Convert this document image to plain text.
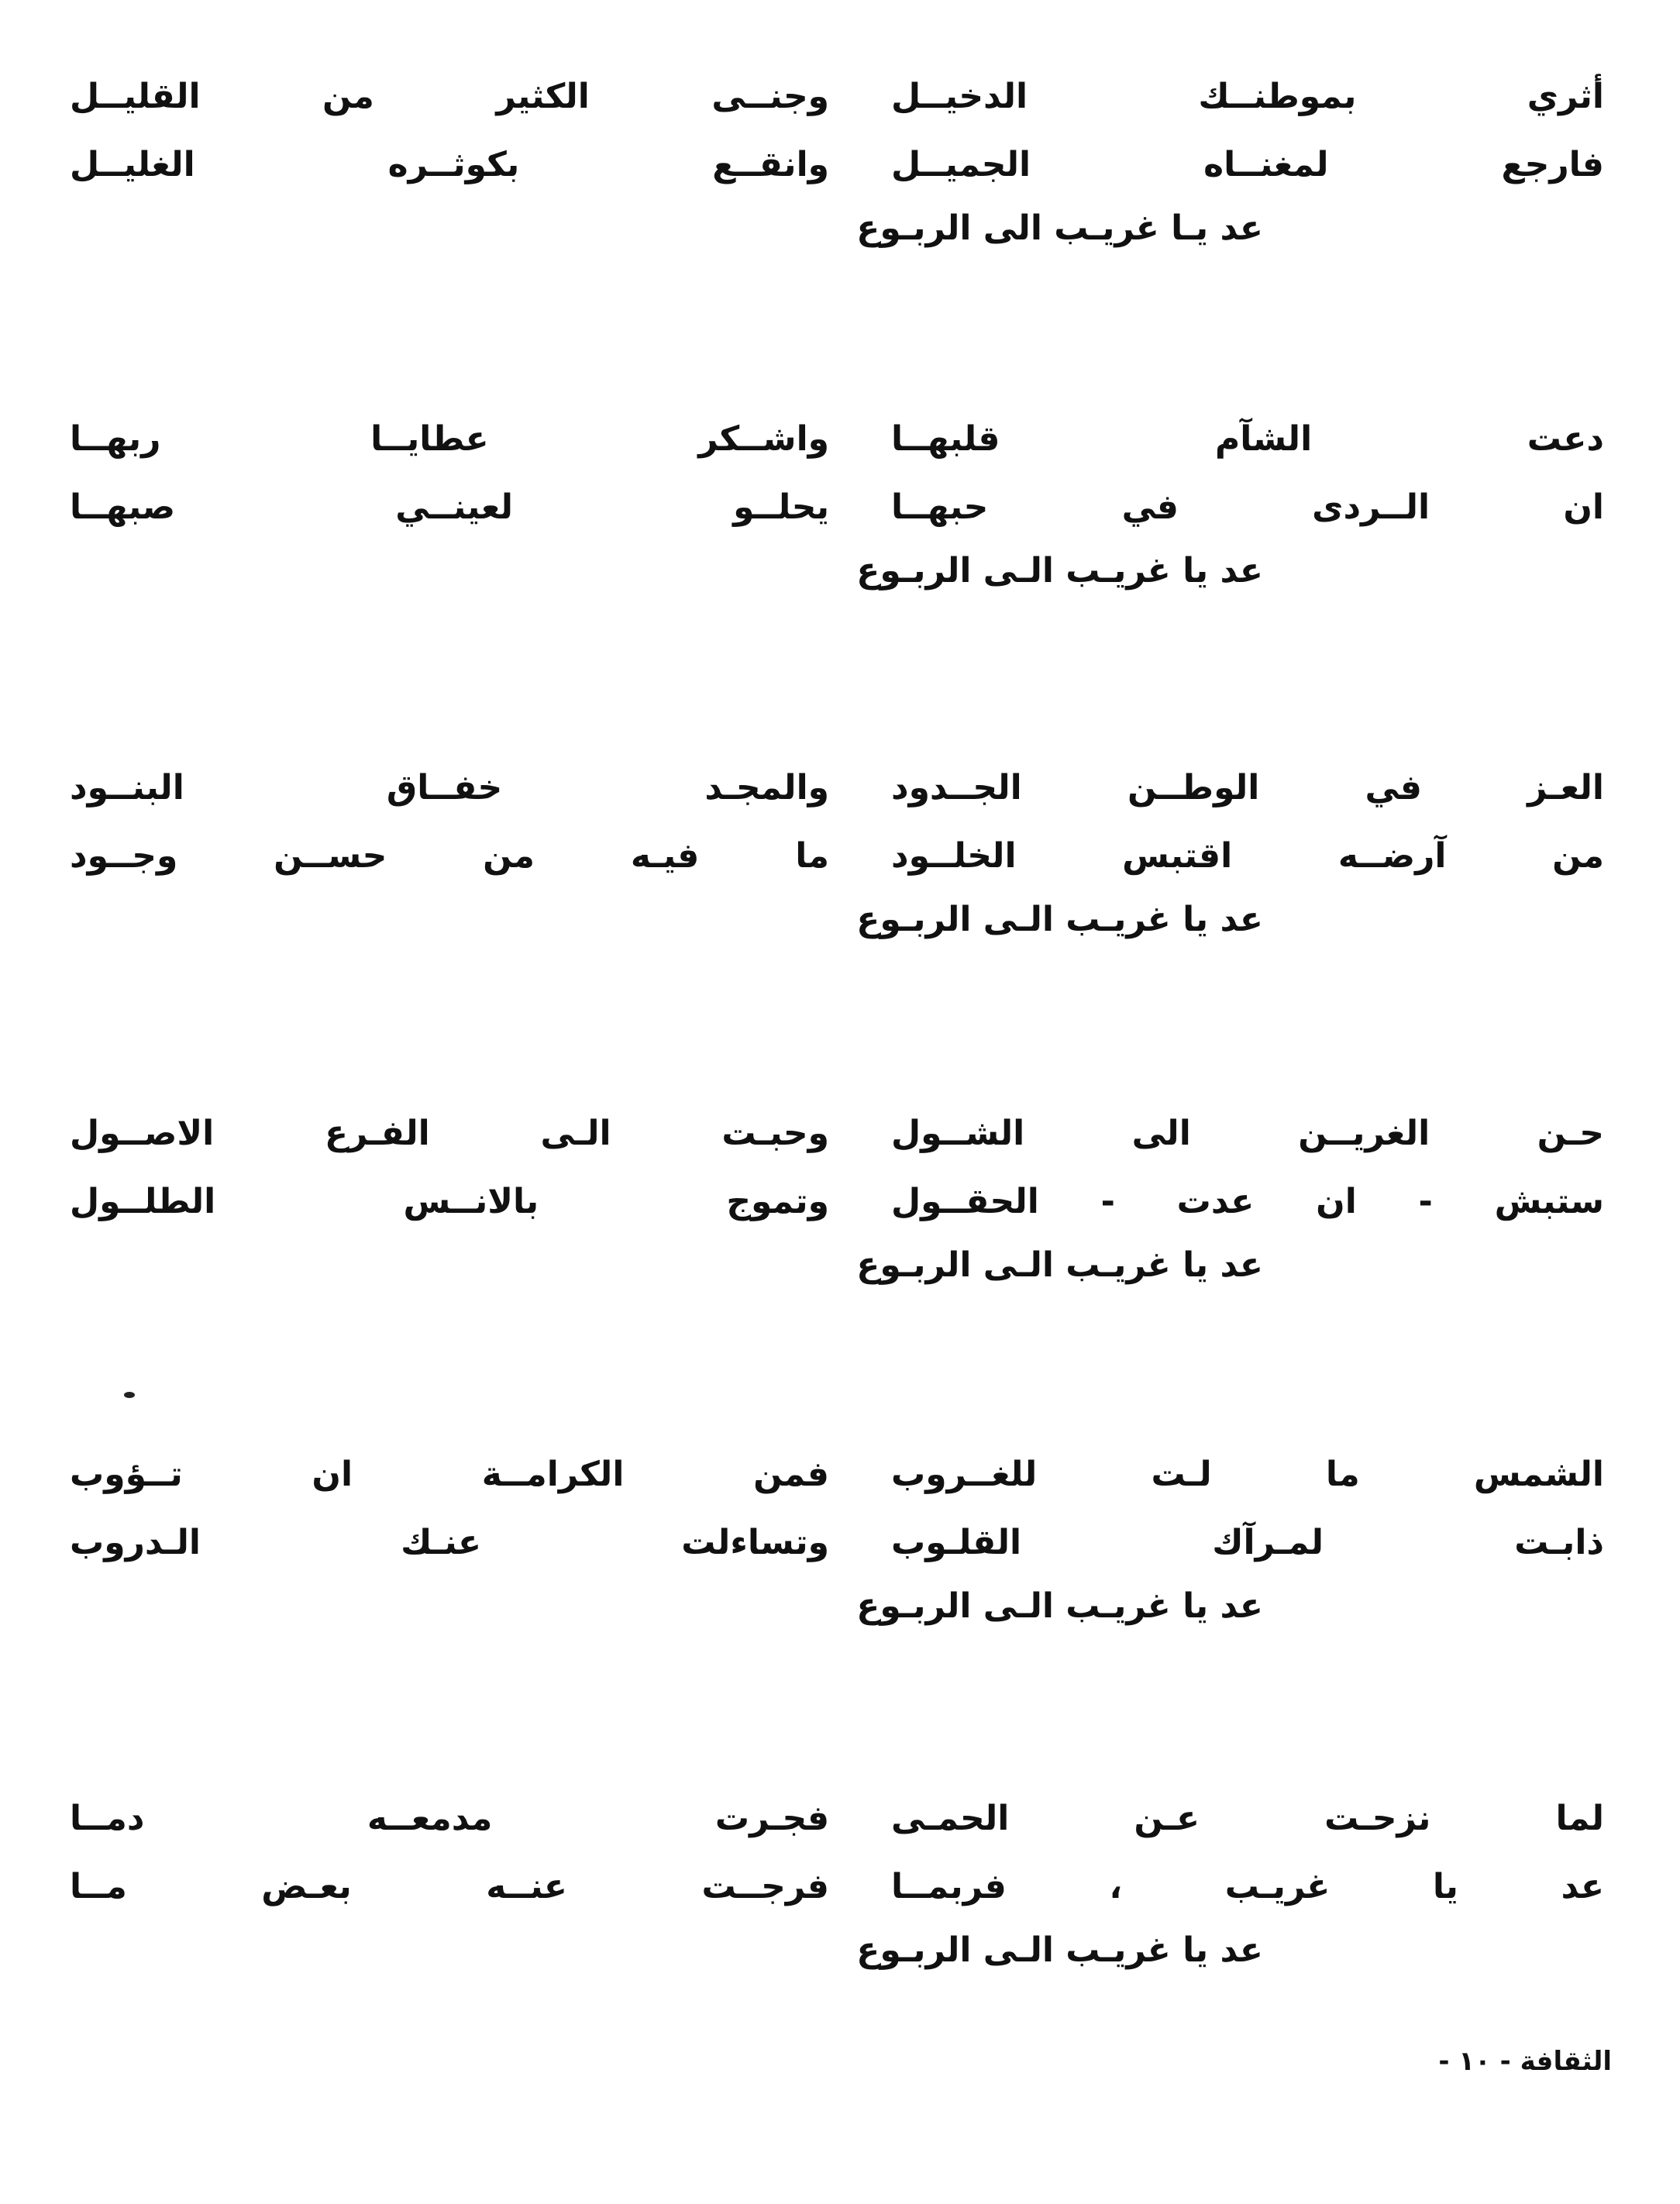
أثري بموطنــك الدخيــل
وجنــى الكثير من القليــل
فارجع لمغنــاه الجميــل
وانقــع بكوثــره الغليــل
عد يـا غريـب الى الربـوع
دعت الشآم قلبهــا
واشــكر عطايــا ربهــا
ان الــردى في حبهــا
يحلــو لعينــي صبهــا
عد يا غريـب الـى الربـوع
العـز في الوطــن الجــدود
والمجـد خفــاق البنــود
من آرضــه اقتبس الخلــود
ما فيـه من حســن وجــود
عد يا غريـب الـى الربـوع
حـن الغريــن الى الشــول
وحبـت الـى الفـرع الاصــول
ستبش - ان عدت - الحقــول
وتموج بالانــس الطلــول
عد يا غريـب الـى الربـوع
الشمس ما لـت للغــروب
فمن الكرامــة ان تــؤوب
ذابـت لمـرآك القلـوب
وتساءلت عنـك الـدروب
عد يا غريـب الـى الربـوع
لما نزحـت عـن الحمـى
فجـرت مدمعــه دمــا
عد يا غريـب ، فربمــا
فرجــت عنــه بعـض مــا
عد يا غريـب الـى الربـوع
الثقافة - ١٠ -
